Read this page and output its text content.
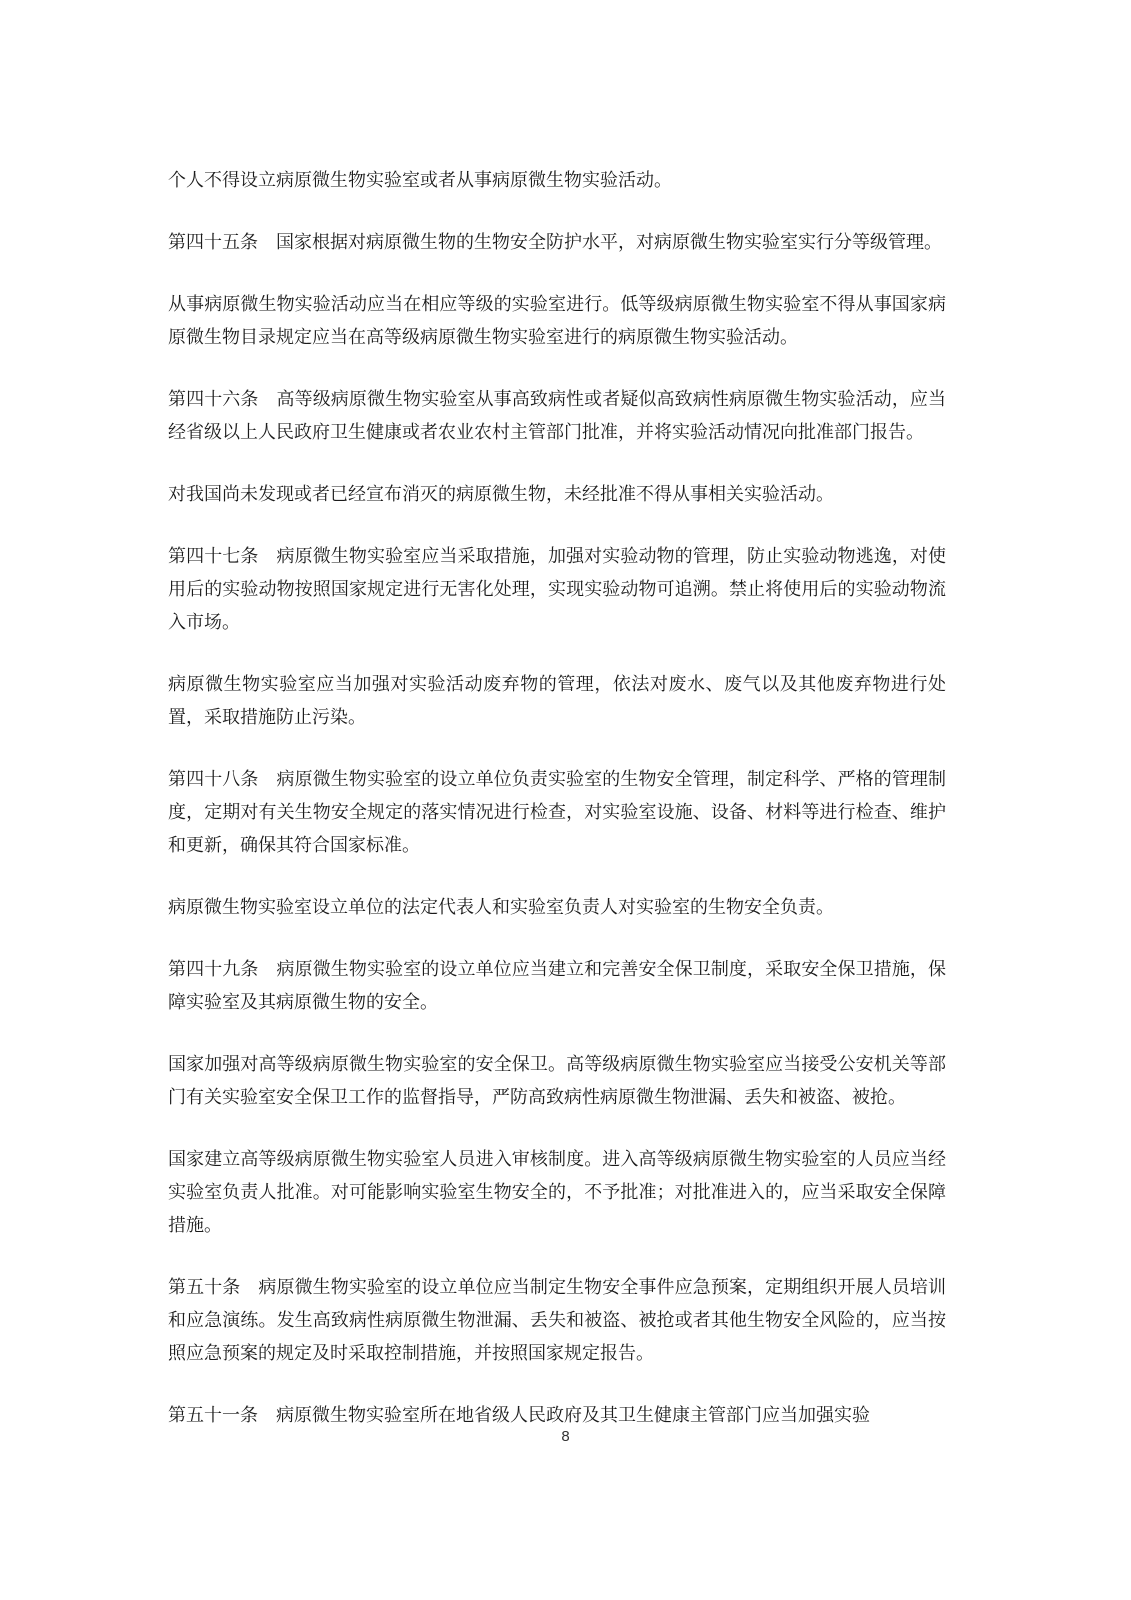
个人不得设立病原微生物实验室或者从事病原微生物实验活动。

第四十五条 国家根据对病原微生物的生物安全防护水平，对病原微生物实验室实行分等级管理。

从事病原微生物实验活动应当在相应等级的实验室进行。低等级病原微生物实验室不得从事国家病原微生物目录规定应当在高等级病原微生物实验室进行的病原微生物实验活动。

第四十六条 高等级病原微生物实验室从事高致病性或者疑似高致病性病原微生物实验活动，应当经省级以上人民政府卫生健康或者农业农村主管部门批准，并将实验活动情况向批准部门报告。

对我国尚未发现或者已经宣布消灭的病原微生物，未经批准不得从事相关实验活动。

第四十七条 病原微生物实验室应当采取措施，加强对实验动物的管理，防止实验动物逃逸，对使用后的实验动物按照国家规定进行无害化处理，实现实验动物可追溯。禁止将使用后的实验动物流入市场。

病原微生物实验室应当加强对实验活动废弃物的管理，依法对废水、废气以及其他废弃物进行处置，采取措施防止污染。

第四十八条 病原微生物实验室的设立单位负责实验室的生物安全管理，制定科学、严格的管理制度，定期对有关生物安全规定的落实情况进行检查，对实验室设施、设备、材料等进行检查、维护和更新，确保其符合国家标准。

病原微生物实验室设立单位的法定代表人和实验室负责人对实验室的生物安全负责。

第四十九条 病原微生物实验室的设立单位应当建立和完善安全保卫制度，采取安全保卫措施，保障实验室及其病原微生物的安全。

国家加强对高等级病原微生物实验室的安全保卫。高等级病原微生物实验室应当接受公安机关等部门有关实验室安全保卫工作的监督指导，严防高致病性病原微生物泄漏、丢失和被盗、被抢。

国家建立高等级病原微生物实验室人员进入审核制度。进入高等级病原微生物实验室的人员应当经实验室负责人批准。对可能影响实验室生物安全的，不予批准；对批准进入的，应当采取安全保障措施。

第五十条 病原微生物实验室的设立单位应当制定生物安全事件应急预案，定期组织开展人员培训和应急演练。发生高致病性病原微生物泄漏、丢失和被盗、被抢或者其他生物安全风险的，应当按照应急预案的规定及时采取控制措施，并按照国家规定报告。

第五十一条 病原微生物实验室所在地省级人民政府及其卫生健康主管部门应当加强实验

8
